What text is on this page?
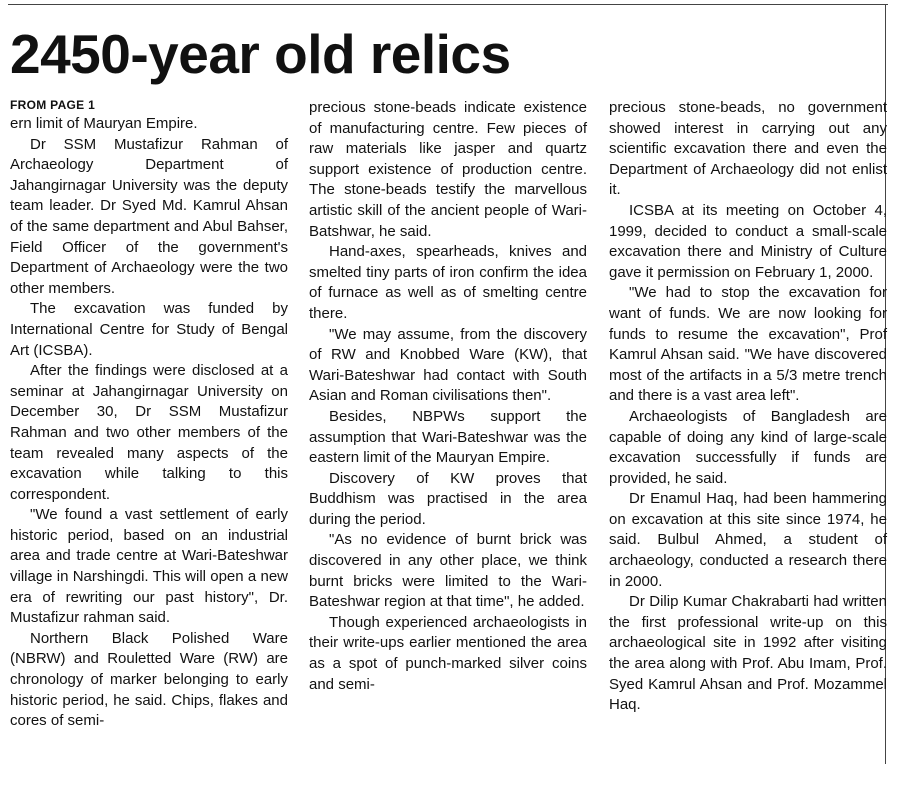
2450-year old relics
FROM PAGE 1

ern limit of Mauryan Empire.

Dr SSM Mustafizur Rahman of Archaeology Department of Jahangirnagar University was the deputy team leader. Dr Syed Md. Kamrul Ahsan of the same department and Abul Bahser, Field Officer of the government's Department of Archaeology were the two other members.

The excavation was funded by International Centre for Study of Bengal Art (ICSBA).

After the findings were disclosed at a seminar at Jahangirnagar University on December 30, Dr SSM Mustafizur Rahman and two other members of the team revealed many aspects of the excavation while talking to this correspondent.

"We found a vast settlement of early historic period, based on an industrial area and trade centre at Wari-Bateshwar village in Narshingdi. This will open a new era of rewriting our past history", Dr. Mustafizur rahman said.

Northern Black Polished Ware (NBRW) and Rouletted Ware (RW) are chronology of marker belonging to early historic period, he said. Chips, flakes and cores of semi-

precious stone-beads indicate existence of manufacturing centre. Few pieces of raw materials like jasper and quartz support existence of production centre. The stone-beads testify the marvellous artistic skill of the ancient people of Wari-Batshwar, he said.

Hand-axes, spearheads, knives and smelted tiny parts of iron confirm the idea of furnace as well as of smelting centre there.

"We may assume, from the discovery of RW and Knobbed Ware (KW), that Wari-Bateshwar had contact with South Asian and Roman civilisations then".

Besides, NBPWs support the assumption that Wari-Bateshwar was the eastern limit of the Mauryan Empire.

Discovery of KW proves that Buddhism was practised in the area during the period.

"As no evidence of burnt brick was discovered in any other place, we think burnt bricks were limited to the Wari-Bateshwar region at that time", he added.

Though experienced archaeologists in their write-ups earlier mentioned the area as a spot of punch-marked silver coins and semi-

precious stone-beads, no government showed interest in carrying out any scientific excavation there and even the Department of Archaeology did not enlist it.

ICSBA at its meeting on October 4, 1999, decided to conduct a small-scale excavation there and Ministry of Culture gave it permission on February 1, 2000.

"We had to stop the excavation for want of funds. We are now looking for funds to resume the excavation", Prof Kamrul Ahsan said. "We have discovered most of the artifacts in a 5/3 metre trench and there is a vast area left".

Archaeologists of Bangladesh are capable of doing any kind of large-scale excavation successfully if funds are provided, he said.

Dr Enamul Haq, had been hammering on excavation at this site since 1974, he said. Bulbul Ahmed, a student of archaeology, conducted a research there in 2000.

Dr Dilip Kumar Chakrabarti had written the first professional write-up on this archaeological site in 1992 after visiting the area along with Prof. Abu Imam, Prof. Syed Kamrul Ahsan and Prof. Mozammel Haq.
